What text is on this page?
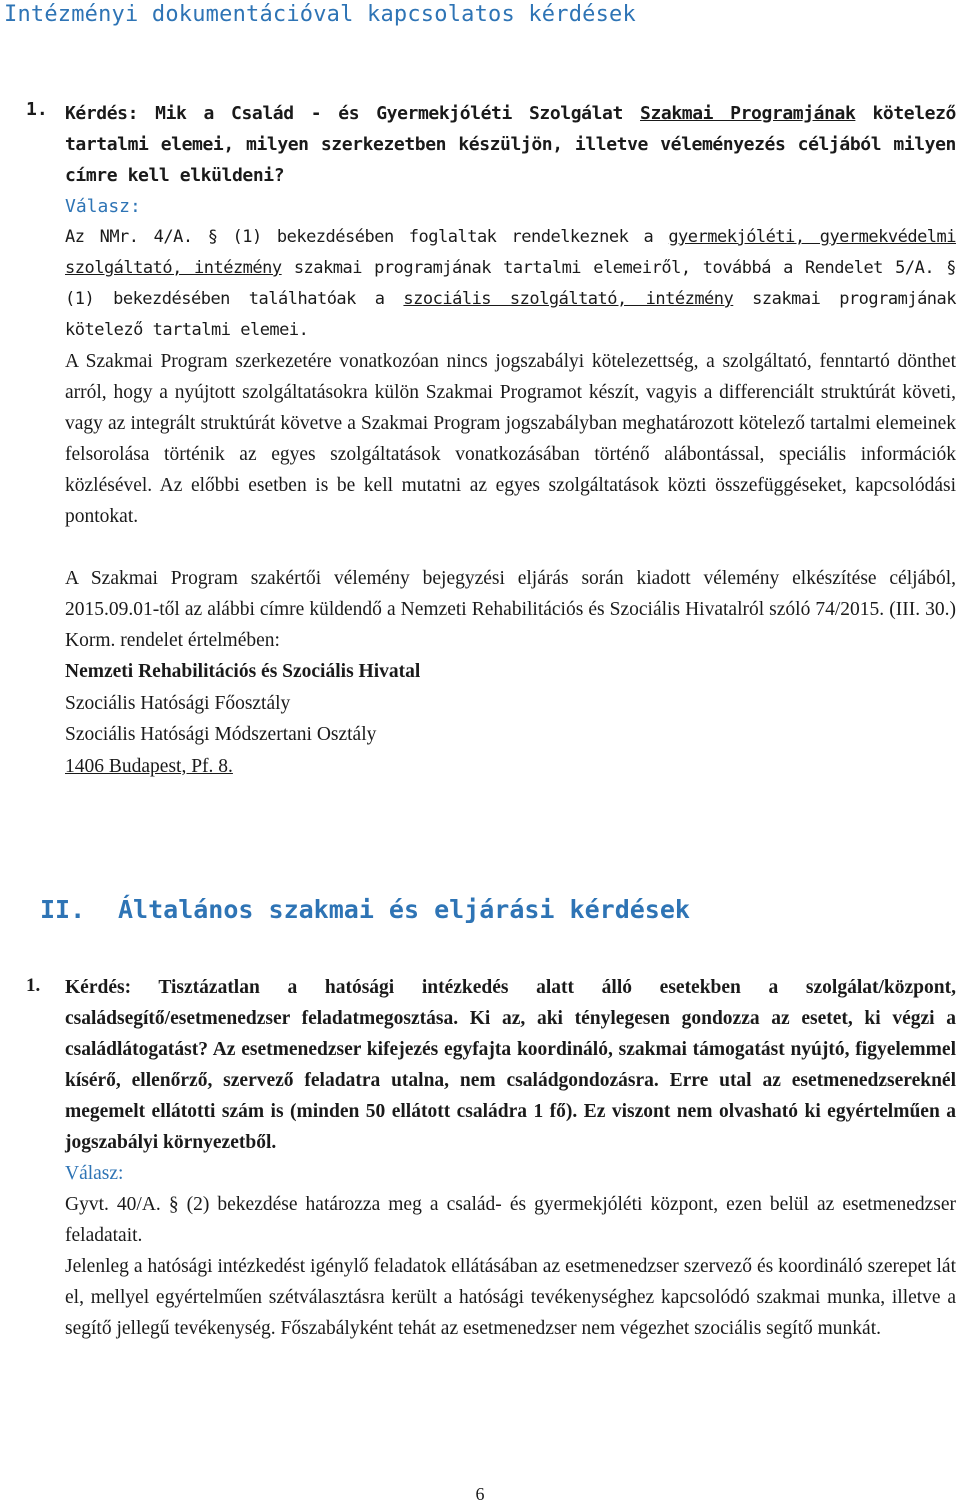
Intézményi dokumentációval kapcsolatos kérdések
1. Kérdés: Mik a Család - és Gyermekjóléti Szolgálat Szakmai Programjának kötelező tartalmi elemei, milyen szerkezetben készüljön, illetve véleményezés céljából milyen címre kell elküldeni?

Válasz:

Az NMr. 4/A. § (1) bekezdésében foglaltak rendelkeznek a gyermekjóléti, gyermekvédelmi szolgáltató, intézmény szakmai programjának tartalmi elemeiről, továbbá a Rendelet 5/A. § (1) bekezdésében találhatóak a szociális szolgáltató, intézmény szakmai programjának kötelező tartalmi elemei.

A Szakmai Program szerkezetére vonatkozóan nincs jogszabályi kötelezettség, a szolgáltató, fenntartó dönthet arról, hogy a nyújtott szolgáltatásokra külön Szakmai Programot készít, vagyis a differenciált struktúrát követi, vagy az integrált struktúrát követve a Szakmai Program jogszabályban meghatározott kötelező tartalmi elemeinek felsorolása történik az egyes szolgáltatások vonatkozásában történő alábontással, speciális információk közlésével. Az előbbi esetben is be kell mutatni az egyes szolgáltatások közti összefüggéseket, kapcsolódási pontokat.

A Szakmai Program szakértői vélemény bejegyzési eljárás során kiadott vélemény elkészítése céljából, 2015.09.01-től az alábbi címre küldendő a Nemzeti Rehabilitációs és Szociális Hivatalról szóló 74/2015. (III. 30.) Korm. rendelet értelmében:

Nemzeti Rehabilitációs és Szociális Hivatal

Szociális Hatósági Főosztály

Szociális Hatósági Módszertani Osztály

1406 Budapest, Pf. 8.

II. Általános szakmai és eljárási kérdések
1. Kérdés: Tisztázatlan a hatósági intézkedés alatt álló esetekben a szolgálat/központ, családsegítő/esetmenedzser feladatmegosztása. Ki az, aki ténylegesen gondozza az esetet, ki végzi a családlátogatást? Az esetmenedzser kifejezés egyfajta koordináló, szakmai támogatást nyújtó, figyelemmel kísérő, ellenőrző, szervező feladatra utalna, nem családgondozásra. Erre utal az esetmenedzsereknél megemelt ellátotti szám is (minden 50 ellátott családra 1 fő). Ez viszont nem olvasható ki egyértelműen a jogszabályi környezetből.

Válasz:

Gyvt. 40/A. § (2) bekezdése határozza meg a család- és gyermekjóléti központ, ezen belül az esetmenedzser feladatait.

Jelenleg a hatósági intézkedést igénylő feladatok ellátásában az esetmenedzser szervező és koordináló szerepet lát el, mellyel egyértelműen szétválasztásra került a hatósági tevékenységhez kapcsolódó szakmai munka, illetve a segítő jellegű tevékenység. Főszabályként tehát az esetmenedzser nem végezhet szociális segítő munkát.

6
